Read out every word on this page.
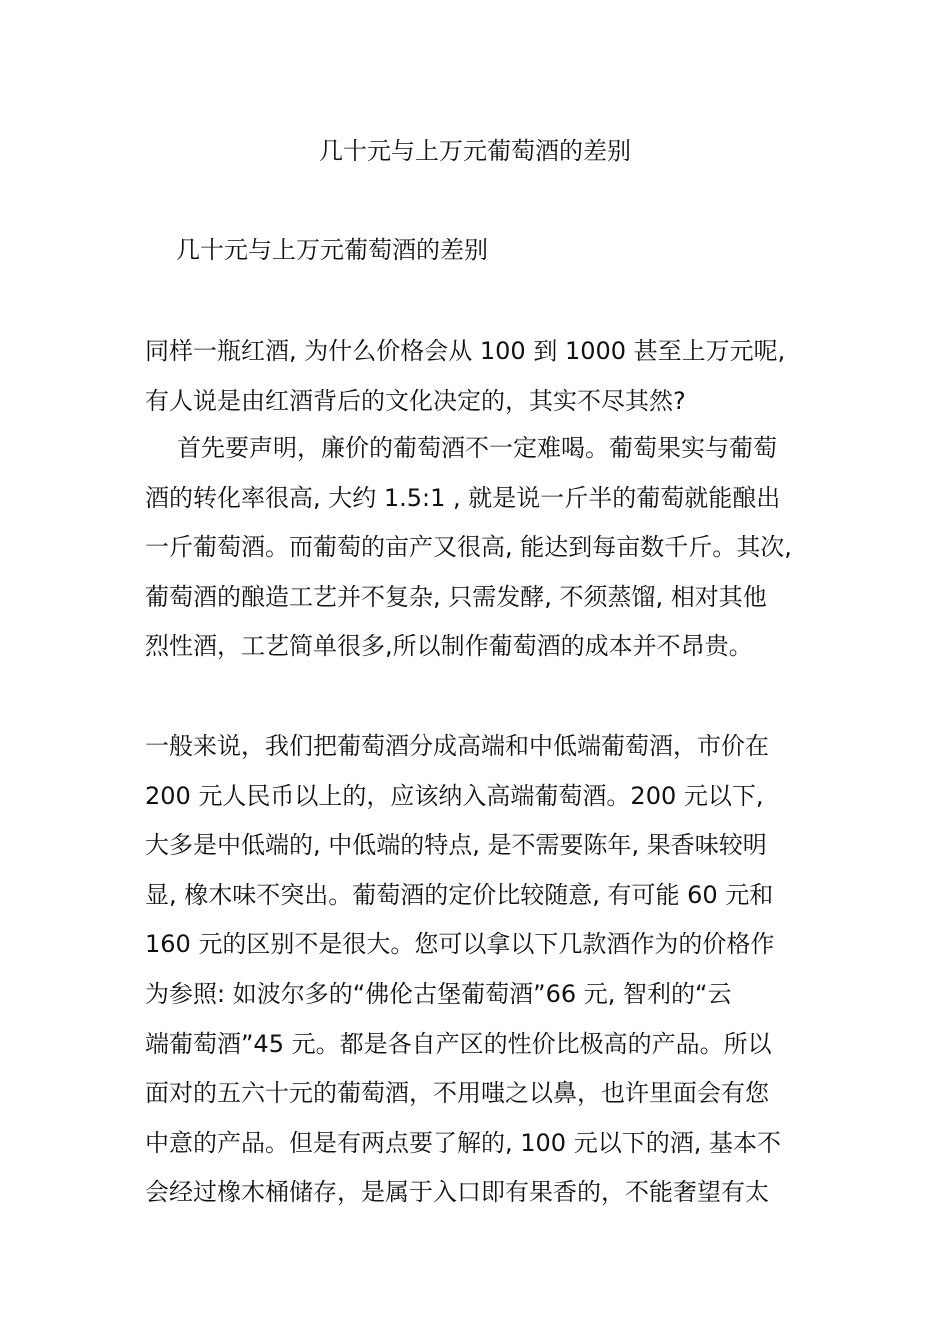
几十元与上万元葡萄酒的差别
几十元与上万元葡萄酒的差别
同样一瓶红酒, 为什么价格会从 100 到 1000 甚至上万元呢,
有人说是由红酒背后的文化决定的，其实不尽其然?
首先要声明，廉价的葡萄酒不一定难喝。葡萄果实与葡萄
酒的转化率很高, 大约 1.5:1 , 就是说一斤半的葡萄就能酿出
一斤葡萄酒。而葡萄的亩产又很高, 能达到每亩数千斤。其次,
葡萄酒的酿造工艺并不复杂, 只需发酵, 不须蒸馏, 相对其他
烈性酒，工艺简单很多,所以制作葡萄酒的成本并不昂贵。
一般来说，我们把葡萄酒分成高端和中低端葡萄酒，市价在
200 元人民币以上的，应该纳入高端葡萄酒。200 元以下,
大多是中低端的, 中低端的特点, 是不需要陈年, 果香味较明
显, 橡木味不突出。葡萄酒的定价比较随意, 有可能 60 元和
160 元的区别不是很大。您可以拿以下几款酒作为的价格作
为参照: 如波尔多的“佛伦古堡葡萄酒”66 元, 智利的“云
端葡萄酒”45 元。都是各自产区的性价比极高的产品。所以
面对的五六十元的葡萄酒，不用嗤之以鼻，也许里面会有您
中意的产品。但是有两点要了解的, 100 元以下的酒, 基本不
会经过橡木桶储存，是属于入口即有果香的，不能奢望有太
